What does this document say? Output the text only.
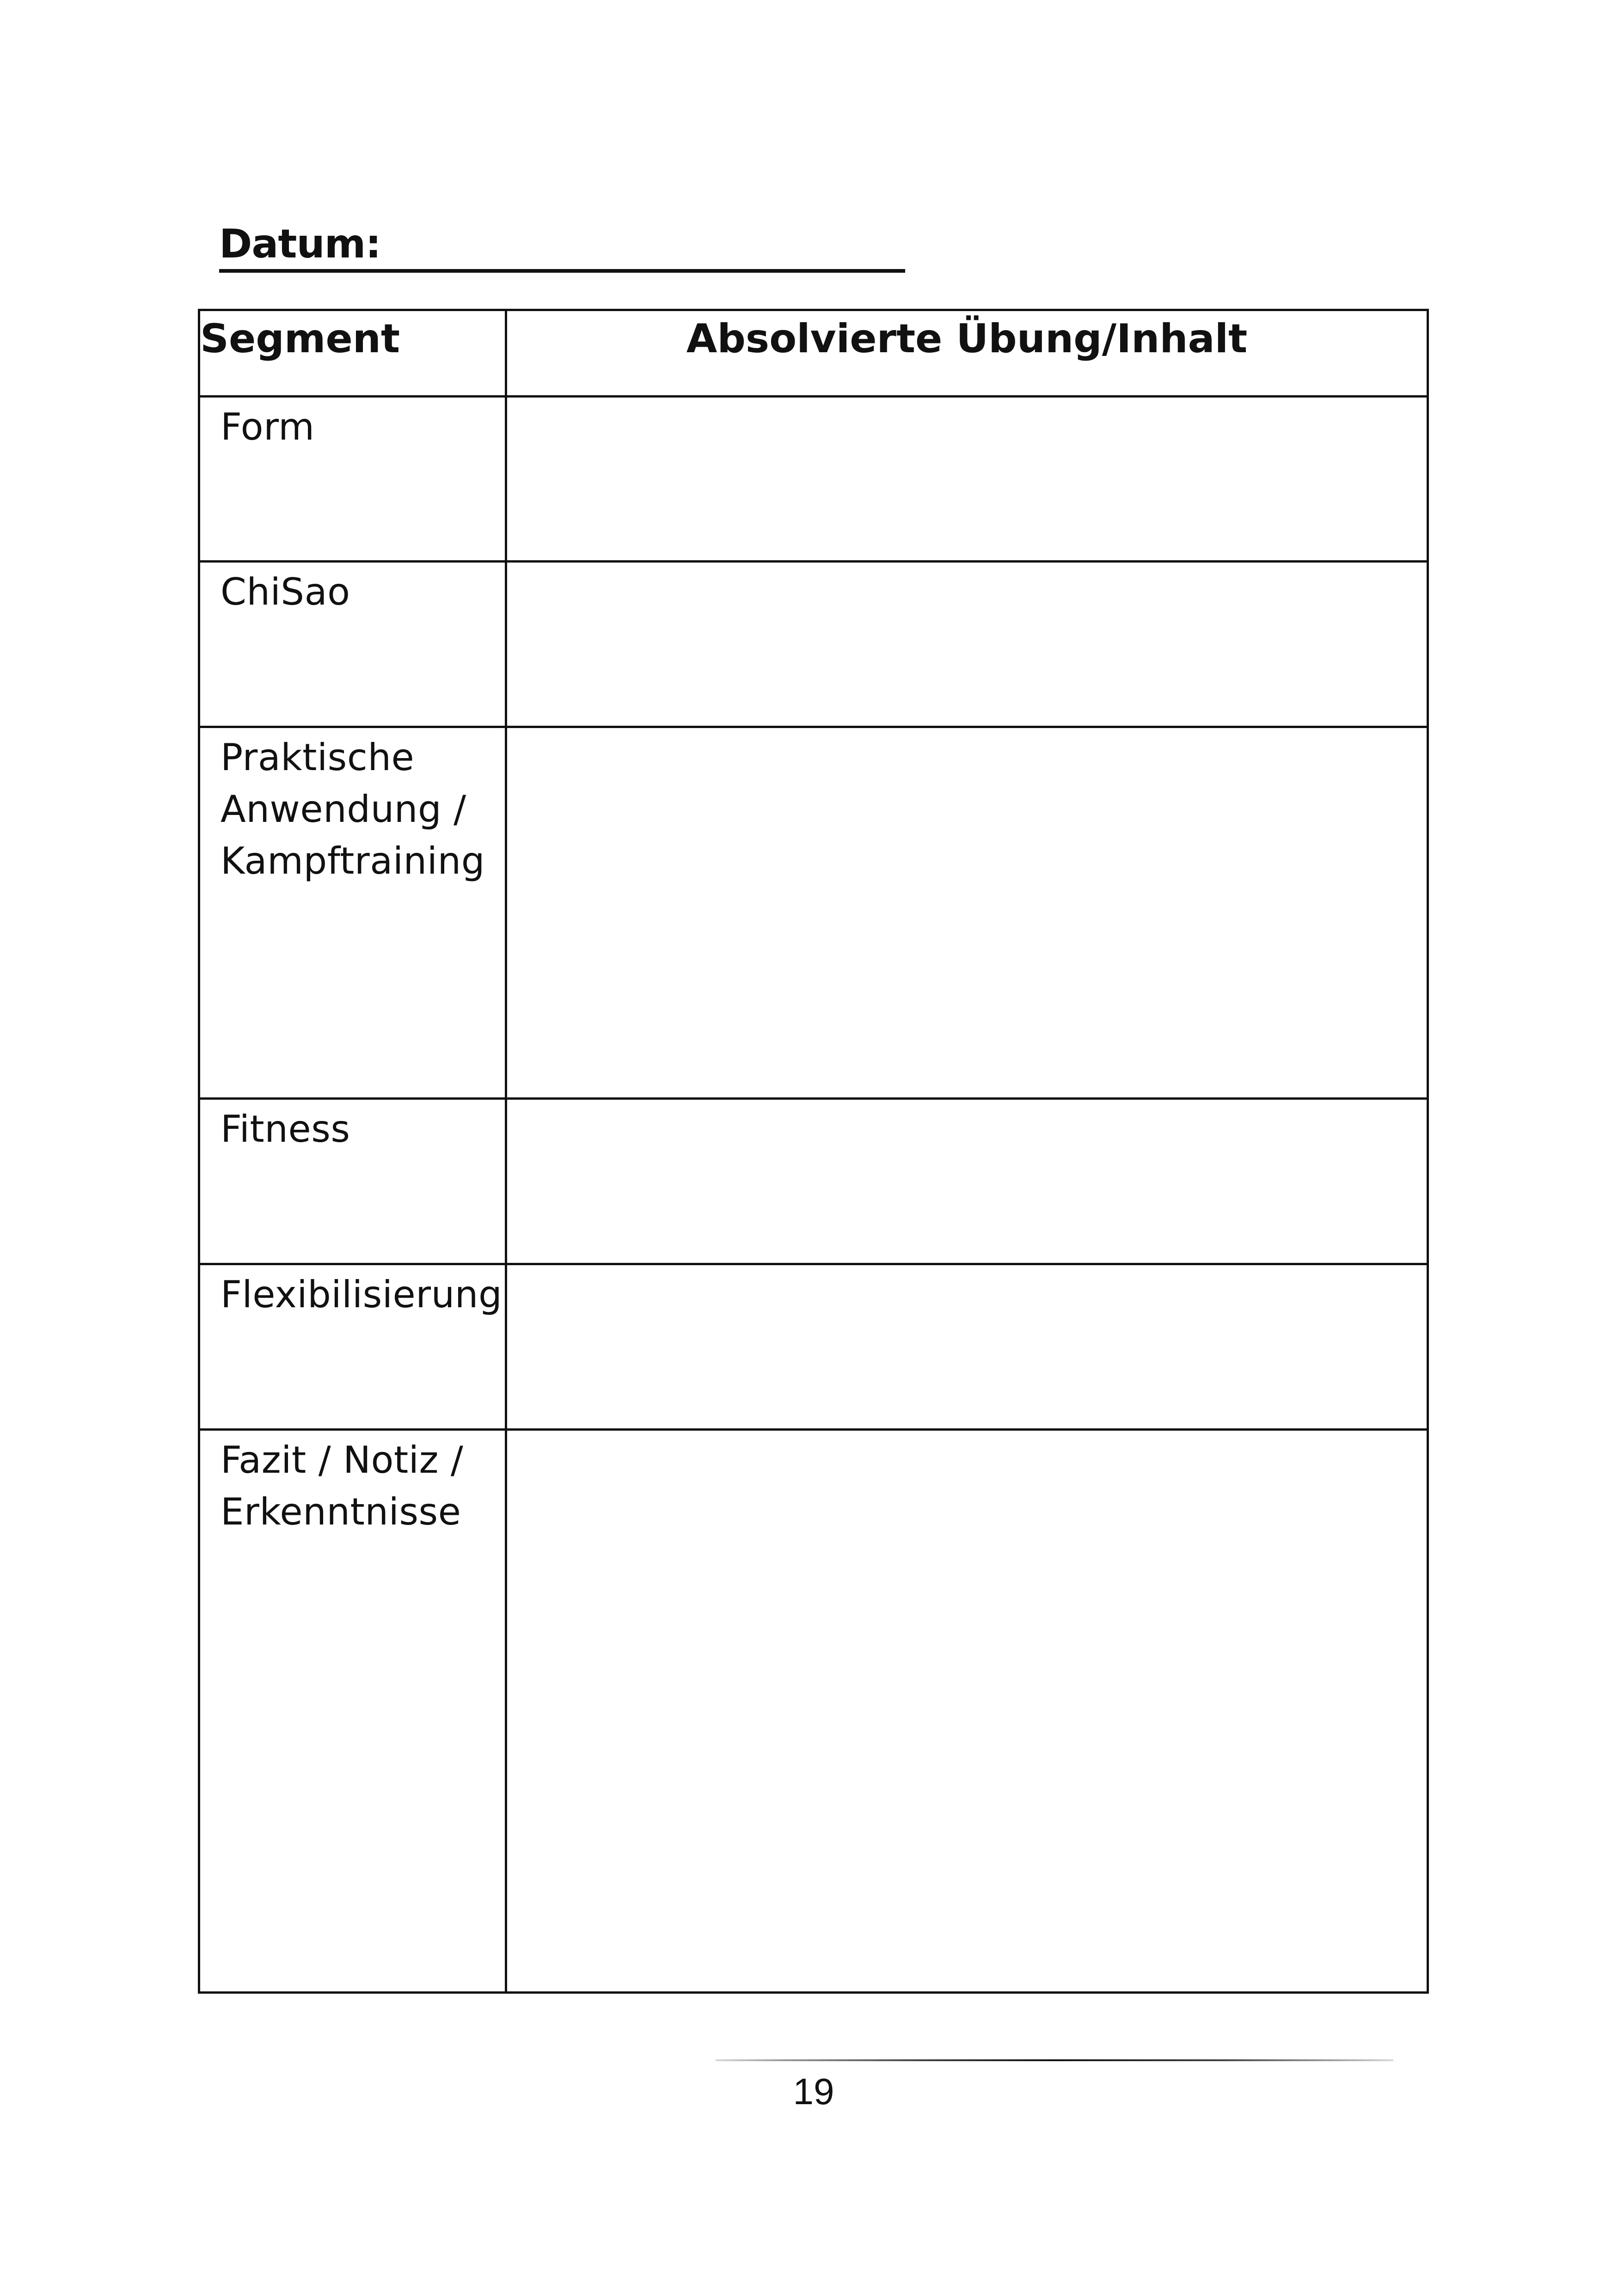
Datum:
Segment	Absolvierte Übung/Inhalt
Form	
ChiSao	
Praktische Anwendung / Kampftraining	
Fitness	
Flexibilisierung	
Fazit / Notiz / Erkenntnisse	
19
